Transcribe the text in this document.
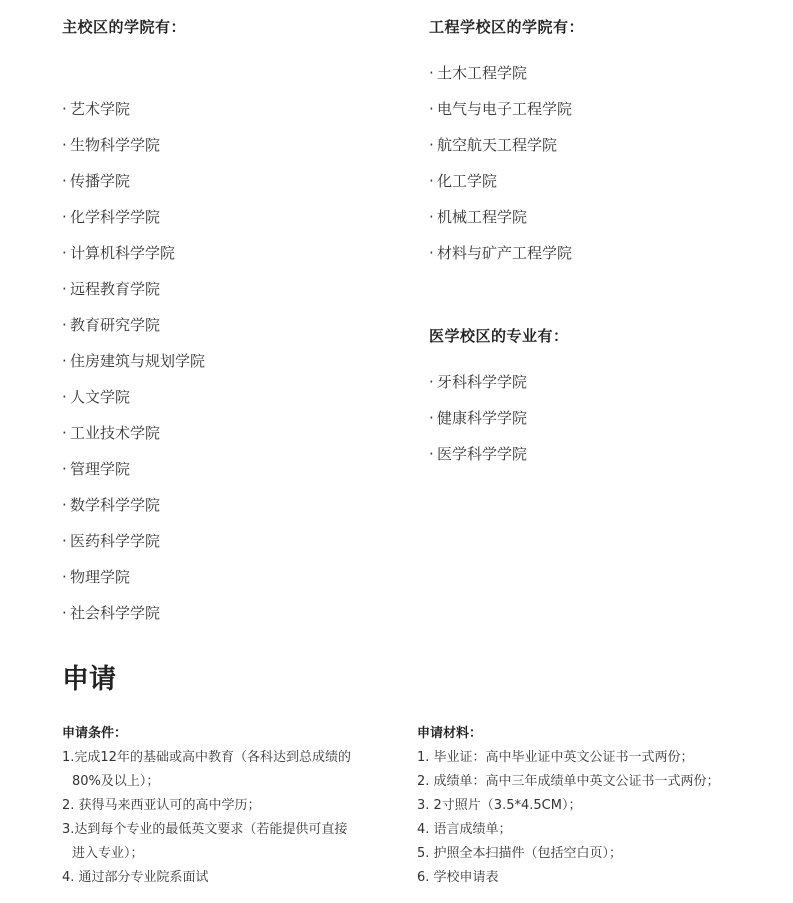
主校区的学院有：
· 艺术学院
· 生物科学学院
· 传播学院
· 化学科学学院
· 计算机科学学院
· 远程教育学院
· 教育研究学院
· 住房建筑与规划学院
· 人文学院
· 工业技术学院
· 管理学院
· 数学科学学院
· 医药科学学院
· 物理学院
· 社会科学学院
工程学校区的学院有：
· 土木工程学院
· 电气与电子工程学院
· 航空航天工程学院
· 化工学院
· 机械工程学院
· 材料与矿产工程学院
医学校区的专业有：
· 牙科科学学院
· 健康科学学院
· 医学科学学院
申请
申请条件：
1.完成12年的基础或高中教育（各科达到总成绩的80%及以上）；
2. 获得马来西亚认可的高中学历；
3.达到每个专业的最低英文要求（若能提供可直接进入专业）；
4. 通过部分专业院系面试
申请材料：
1. 毕业证：高中毕业证中英文公证书一式两份；
2. 成绩单：高中三年成绩单中英文公证书一式两份；
3. 2寸照片（3.5*4.5CM）；
4. 语言成绩单；
5. 护照全本扫描件（包括空白页）；
6. 学校申请表
